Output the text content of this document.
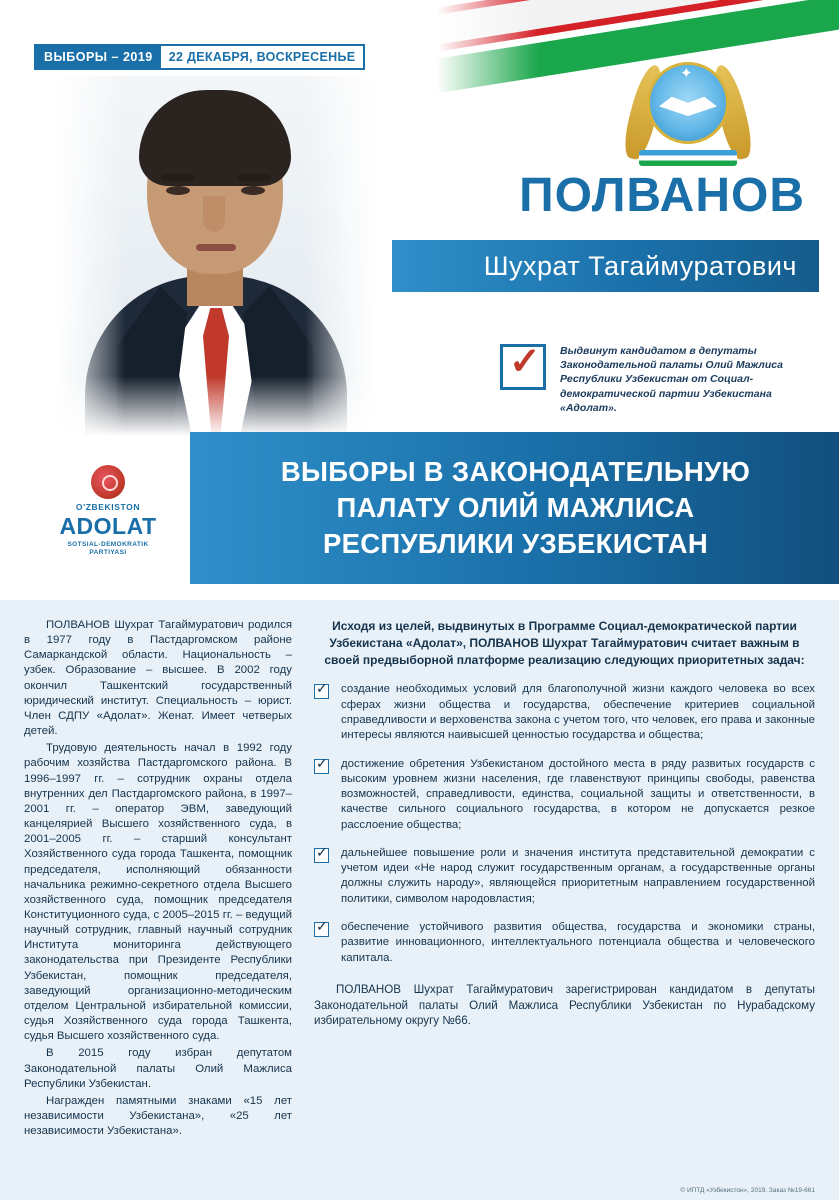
✦
ВЫБОРЫ – 2019	22 ДЕКАБРЯ, ВОСКРЕСЕНЬЕ
ПОЛВАНОВ
Шухрат Тагаймуратович
✓ Выдвинут кандидатом в депутаты Законодательной палаты Олий Мажлиса Республики Узбекистан от Социал-демократической партии Узбекистана «Адолат».

ВЫБОРЫ В ЗАКОНОДАТЕЛЬНУЮ
ПАЛАТУ ОЛИЙ МАЖЛИСА
РЕСПУБЛИКИ УЗБЕКИСТАН
O'ZBEKISTON
ADOLAT
SOTSIAL-DEMOKRATIK
PARTIYASI

ПОЛВАНОВ Шухрат Тагаймуратович родился в 1977 году в Пастдаргомском районе Самаркандской области. Национальность – узбек. Образование – высшее. В 2002 году окончил Ташкентский государственный юридический институт. Специальность – юрист. Член СДПУ «Адолат». Женат. Имеет четверых детей.

Трудовую деятельность начал в 1992 году рабочим хозяйства Пастдаргомского района. В 1996–1997 гг. – сотрудник охраны отдела внутренних дел Пастдаргомского района, в 1997–2001 гг. – оператор ЭВМ, заведующий канцелярией Высшего хозяйственного суда, в 2001–2005 гг. – старший консультант Хозяйственного суда города Ташкента, помощник председателя, исполняющий обязанности начальника режимно-секретного отдела Высшего хозяйственного суда, помощник председателя Конституционного суда, с 2005–2015 гг. – ведущий научный сотрудник, главный научный сотрудник Института мониторинга действующего законодательства при Президенте Республики Узбекистан, помощник председателя, заведующий организационно-методическим отделом Центральной избирательной комиссии, судья Хозяйственного суда города Ташкента, судья Высшего хозяйственного суда.

В 2015 году избран депутатом Законодательной палаты Олий Мажлиса Республики Узбекистан.

Награжден памятными знаками «15 лет независимости Узбекистана», «25 лет независимости Узбекистана».

Исходя из целей, выдвинутых в Программе Социал-демократической партии Узбекистана «Адолат», ПОЛВАНОВ Шухрат Тагаймуратович считает важным в своей предвыборной платформе реализацию следующих приоритетных задач:
✓

создание необходимых условий для благополучной жизни каждого человека во всех сферах жизни общества и государства, обеспечение критериев социальной справедливости и верховенства закона с учетом того, что человек, его права и законные интересы являются наивысшей ценностью государства и общества;

✓

достижение обретения Узбекистаном достойного места в ряду развитых государств с высоким уровнем жизни населения, где главенствуют принципы свободы, равенства возможностей, справедливости, единства, социальной защиты и ответственности, в качестве сильного социального государства, в котором не допускается резкое расслоение общества;

✓

дальнейшее повышение роли и значения института представительной демократии с учетом идеи «Не народ служит государственным органам, а государственные органы должны служить народу», являющейся приоритетным направлением государственной политики, символом народовластия;

✓

обеспечение устойчивого развития общества, государства и экономики страны, развитие инновационного, интеллектуального потенциала общества и человеческого капитала.

ПОЛВАНОВ Шухрат Тагаймуратович зарегистрирован кандидатом в депутаты Законодательной палаты Олий Мажлиса Республики Узбекистан по Нурабадскому избирательному округу №66.
© ИПТД «Узбекистон», 2019. Заказ №19-661
